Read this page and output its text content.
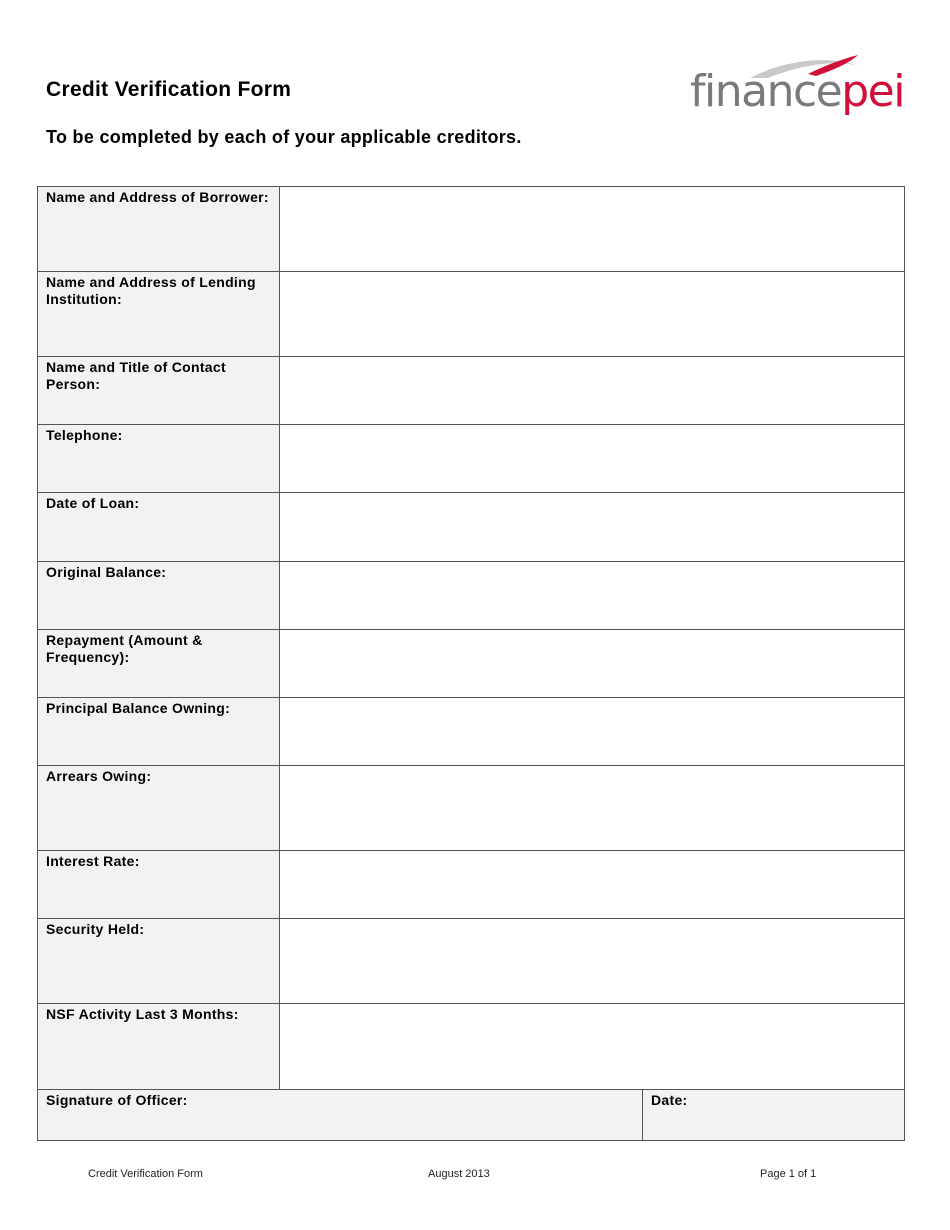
Credit Verification Form
To be completed by each of your applicable creditors.
financepei
Name and Address of Borrower:		
Name and Address of Lending Institution:		
Name and Title of Contact Person:		
Telephone:		
Date of Loan:		
Original Balance:		
Repayment (Amount & Frequency):		
Principal Balance Owning:		
Arrears Owing:		
Interest Rate:		
Security Held:		
NSF Activity Last 3 Months:		
Signature of Officer:		Date:
Credit Verification Form	August 2013	Page 1 of 1
